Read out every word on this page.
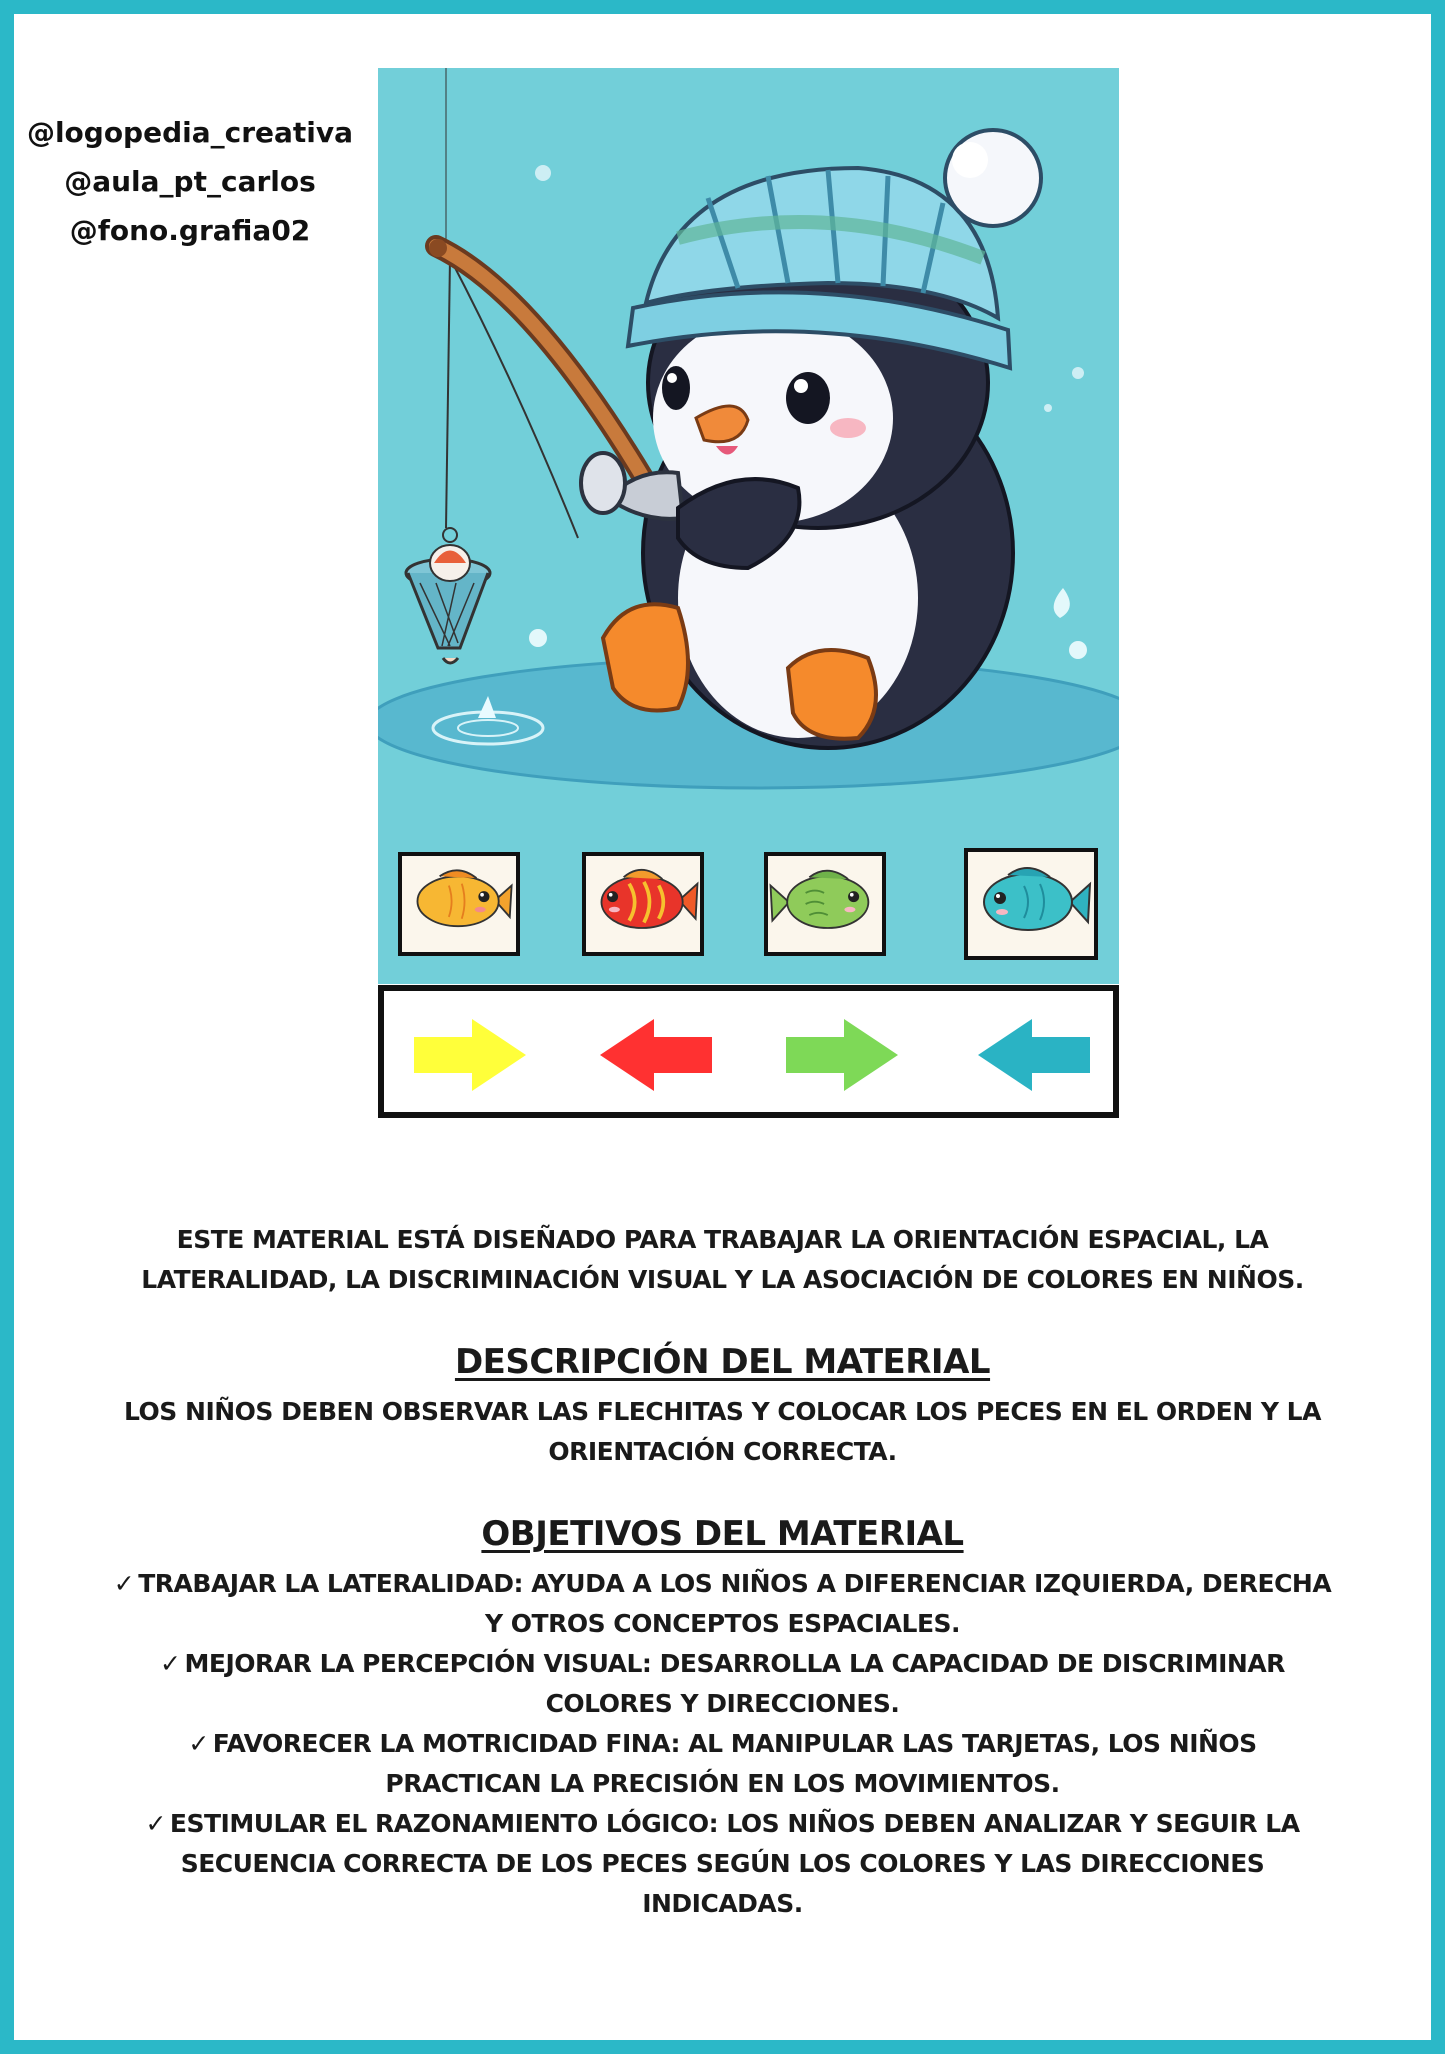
@logopedia_creativa
@aula_pt_carlos
@fono.grafia02
ESTE MATERIAL ESTÁ DISEÑADO PARA TRABAJAR LA ORIENTACIÓN ESPACIAL, LA
LATERALIDAD, LA DISCRIMINACIÓN VISUAL Y LA ASOCIACIÓN DE COLORES EN NIÑOS.
DESCRIPCIÓN DEL MATERIAL
LOS NIÑOS DEBEN OBSERVAR LAS FLECHITAS Y COLOCAR LOS PECES EN EL ORDEN Y LA
ORIENTACIÓN CORRECTA.
OBJETIVOS DEL MATERIAL
✓ TRABAJAR LA LATERALIDAD: AYUDA A LOS NIÑOS A DIFERENCIAR IZQUIERDA, DERECHA
Y OTROS CONCEPTOS ESPACIALES.
✓ MEJORAR LA PERCEPCIÓN VISUAL: DESARROLLA LA CAPACIDAD DE DISCRIMINAR
COLORES Y DIRECCIONES.
✓ FAVORECER LA MOTRICIDAD FINA: AL MANIPULAR LAS TARJETAS, LOS NIÑOS
PRACTICAN LA PRECISIÓN EN LOS MOVIMIENTOS.
✓ ESTIMULAR EL RAZONAMIENTO LÓGICO: LOS NIÑOS DEBEN ANALIZAR Y SEGUIR LA
SECUENCIA CORRECTA DE LOS PECES SEGÚN LOS COLORES Y LAS DIRECCIONES
INDICADAS.
